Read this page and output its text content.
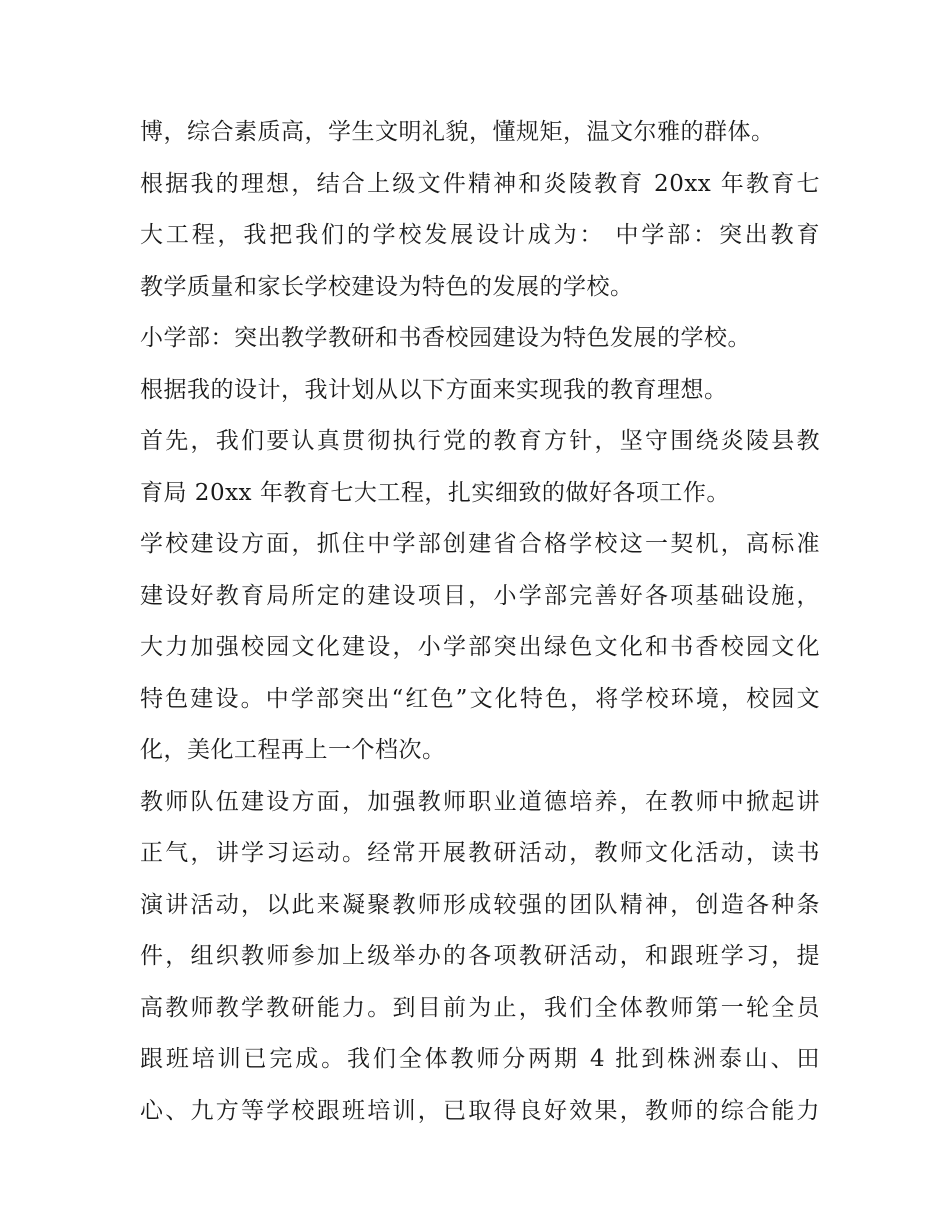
博，综合素质高，学生文明礼貌，懂规矩，温文尔雅的群体。
根据我的理想，结合上级文件精神和炎陵教育 20xx 年教育七
大工程，我把我们的学校发展设计成为： 中学部：突出教育
教学质量和家长学校建设为特色的发展的学校。
小学部：突出教学教研和书香校园建设为特色发展的学校。
根据我的设计，我计划从以下方面来实现我的教育理想。
首先，我们要认真贯彻执行党的教育方针，坚守围绕炎陵县教
育局 20xx 年教育七大工程，扎实细致的做好各项工作。
学校建设方面，抓住中学部创建省合格学校这一契机，高标准
建设好教育局所定的建设项目，小学部完善好各项基础设施，
大力加强校园文化建设，小学部突出绿色文化和书香校园文化
特色建设。中学部突出“红色”文化特色，将学校环境，校园文
化，美化工程再上一个档次。
教师队伍建设方面，加强教师职业道德培养，在教师中掀起讲
正气，讲学习运动。经常开展教研活动，教师文化活动，读书
演讲活动，以此来凝聚教师形成较强的团队精神，创造各种条
件，组织教师参加上级举办的各项教研活动，和跟班学习，提
高教师教学教研能力。到目前为止，我们全体教师第一轮全员
跟班培训已完成。我们全体教师分两期 4 批到株洲泰山、田
心、九方等学校跟班培训，已取得良好效果，教师的综合能力
